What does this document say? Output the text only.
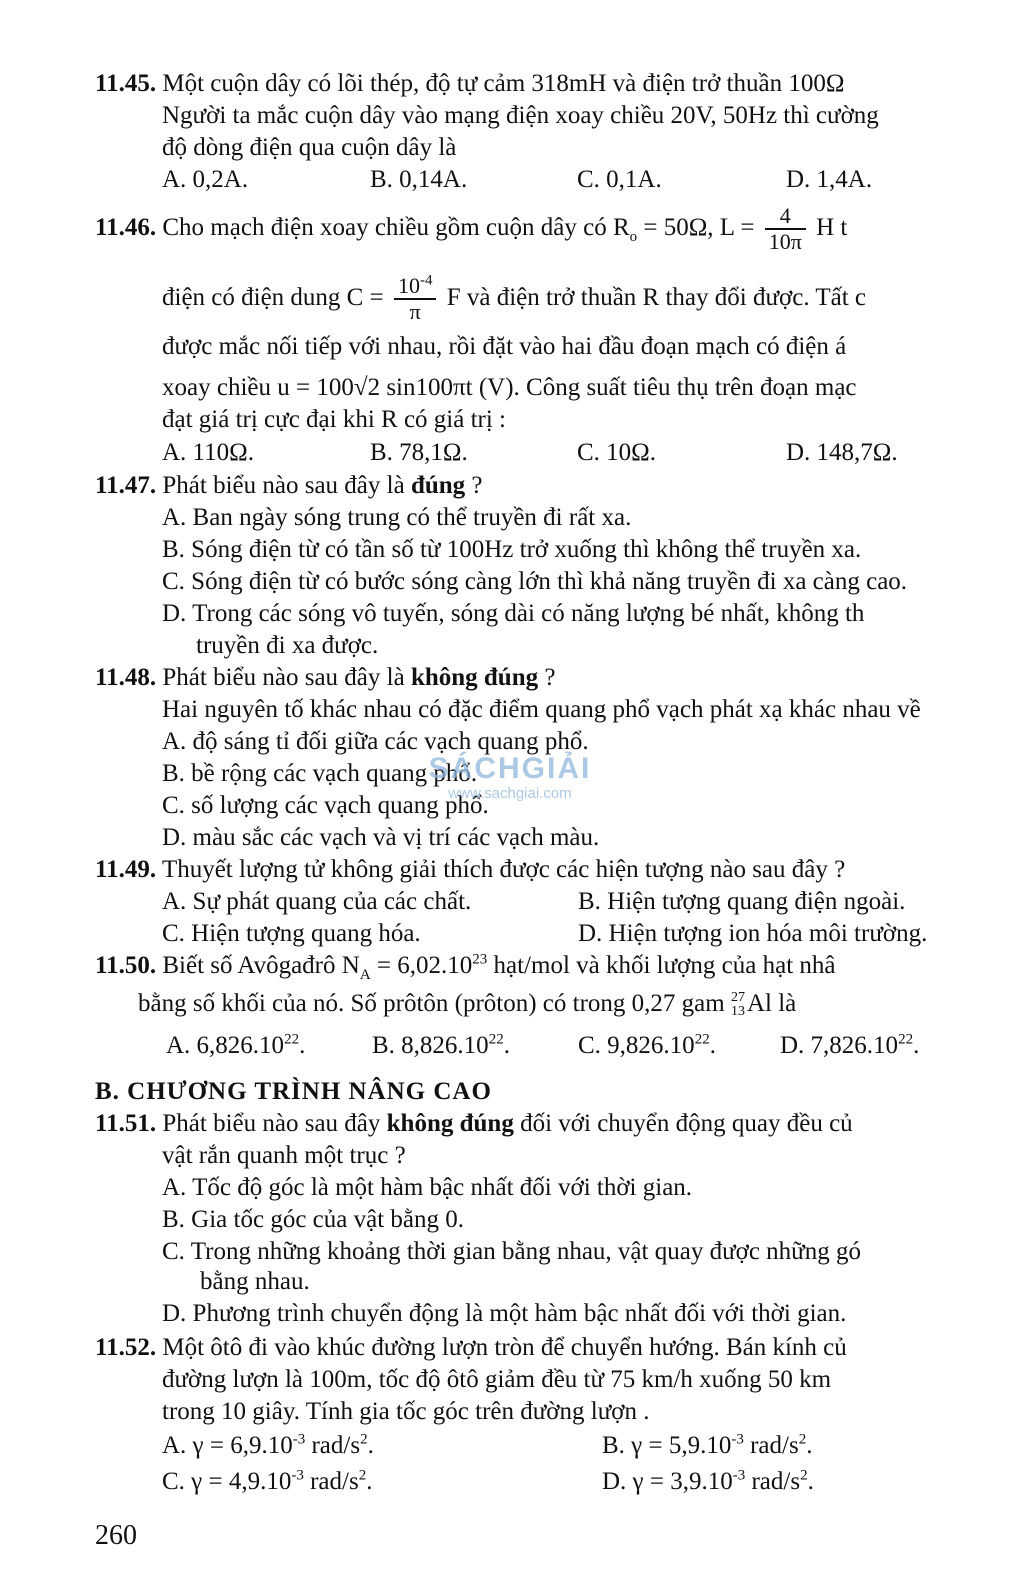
11.45. Một cuộn dây có lõi thép, độ tự cảm 318mH và điện trở thuần 100Ω
Người ta mắc cuộn dây vào mạng điện xoay chiều 20V, 50Hz thì cường
độ dòng điện qua cuộn dây là
A. 0,2A.	B. 0,14A.	C. 0,1A.	D. 1,4A.
11.46. Cho mạch điện xoay chiều gồm cuộn dây có $R_o = 50\Omega$, $L = \frac{4}{10\pi}$ H t
điện có điện dung $C = \frac{10^{-4}}{\pi}$ F và điện trở thuần R thay đổi được. Tất c
được mắc nối tiếp với nhau, rồi đặt vào hai đầu đoạn mạch có điện á
xoay chiều u = 100√2 sin100πt (V). Công suất tiêu thụ trên đoạn mạc
đạt giá trị cực đại khi R có giá trị :
A. 110Ω.	B. 78,1Ω.	C. 10Ω.	D. 148,7Ω.
11.47. Phát biểu nào sau đây là đúng ?
A. Ban ngày sóng trung có thể truyền đi rất xa.
B. Sóng điện từ có tần số từ 100Hz trở xuống thì không thể truyền xa.
C. Sóng điện từ có bước sóng càng lớn thì khả năng truyền đi xa càng cao.
D. Trong các sóng vô tuyến, sóng dài có năng lượng bé nhất, không th
truyền đi xa được.
11.48. Phát biểu nào sau đây là không đúng ?
Hai nguyên tố khác nhau có đặc điểm quang phổ vạch phát xạ khác nhau về
A. độ sáng tỉ đối giữa các vạch quang phổ.
B. bề rộng các vạch quang phổ.
C. số lượng các vạch quang phổ.
D. màu sắc các vạch và vị trí các vạch màu.
11.49. Thuyết lượng tử không giải thích được các hiện tượng nào sau đây ?
A. Sự phát quang của các chất.	B. Hiện tượng quang điện ngoài.
C. Hiện tượng quang hóa.	D. Hiện tượng ion hóa môi trường.
11.50. Biết số Avôgađrô $N_A = 6,02.10^{23}$ hạt/mol và khối lượng của hạt nhâ
bằng số khối của nó. Số prôtôn (prôton) có trong 0,27 gam 27
13 Al là
A. 6,826.10$^{22}$.	B. 8,826.10$^{22}$.	C. 9,826.10$^{22}$.	D. 7,826.10$^{22}$.
B. CHƯƠNG TRÌNH NÂNG CAO
11.51. Phát biểu nào sau đây không đúng đối với chuyển động quay đều củ
vật rắn quanh một trục ?
A. Tốc độ góc là một hàm bậc nhất đối với thời gian.
B. Gia tốc góc của vật bằng 0.
C. Trong những khoảng thời gian bằng nhau, vật quay được những gó
bằng nhau.
D. Phương trình chuyển động là một hàm bậc nhất đối với thời gian.
11.52. Một ôtô đi vào khúc đường lượn tròn để chuyển hướng. Bán kính củ
đường lượn là 100m, tốc độ ôtô giảm đều từ 75 km/h xuống 50 km
trong 10 giây. Tính gia tốc góc trên đường lượn .
A. $\gamma = 6,9.10^{-3}$ rad/$s^2$.	B. $\gamma = 5,9.10^{-3}$ rad/$s^2$.
C. $\gamma = 4,9.10^{-3}$ rad/$s^2$.	D. $\gamma = 3,9.10^{-3}$ rad/$s^2$.
SÁCHGIẢI
www.sachgiai.com
260
